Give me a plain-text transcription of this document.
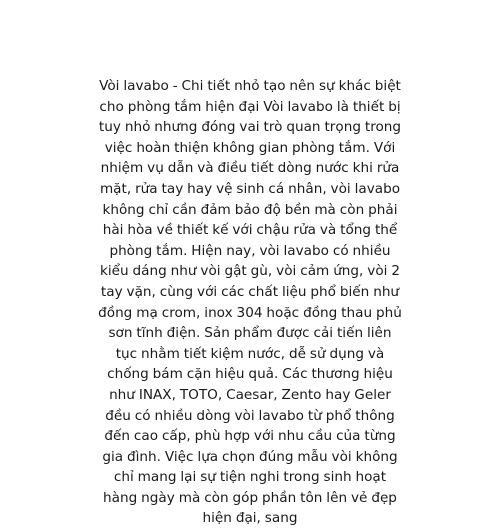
Vòi lavabo - Chi tiết nhỏ tạo nên sự khác biệt cho phòng tắm hiện đại Vòi lavabo là thiết bị tuy nhỏ nhưng đóng vai trò quan trọng trong việc hoàn thiện không gian phòng tắm. Với nhiệm vụ dẫn và điều tiết dòng nước khi rửa mặt, rửa tay hay vệ sinh cá nhân, vòi lavabo không chỉ cần đảm bảo độ bền mà còn phải hài hòa về thiết kế với chậu rửa và tổng thể phòng tắm. Hiện nay, vòi lavabo có nhiều kiểu dáng như vòi gật gù, vòi cảm ứng, vòi 2 tay vặn, cùng với các chất liệu phổ biến như đồng mạ crom, inox 304 hoặc đồng thau phủ sơn tĩnh điện. Sản phẩm được cải tiến liên tục nhằm tiết kiệm nước, dễ sử dụng và chống bám cặn hiệu quả. Các thương hiệu như INAX, TOTO, Caesar, Zento hay Geler đều có nhiều dòng vòi lavabo từ phổ thông đến cao cấp, phù hợp với nhu cầu của từng gia đình. Việc lựa chọn đúng mẫu vòi không chỉ mang lại sự tiện nghi trong sinh hoạt hàng ngày mà còn góp phần tôn lên vẻ đẹp hiện đại, sang
